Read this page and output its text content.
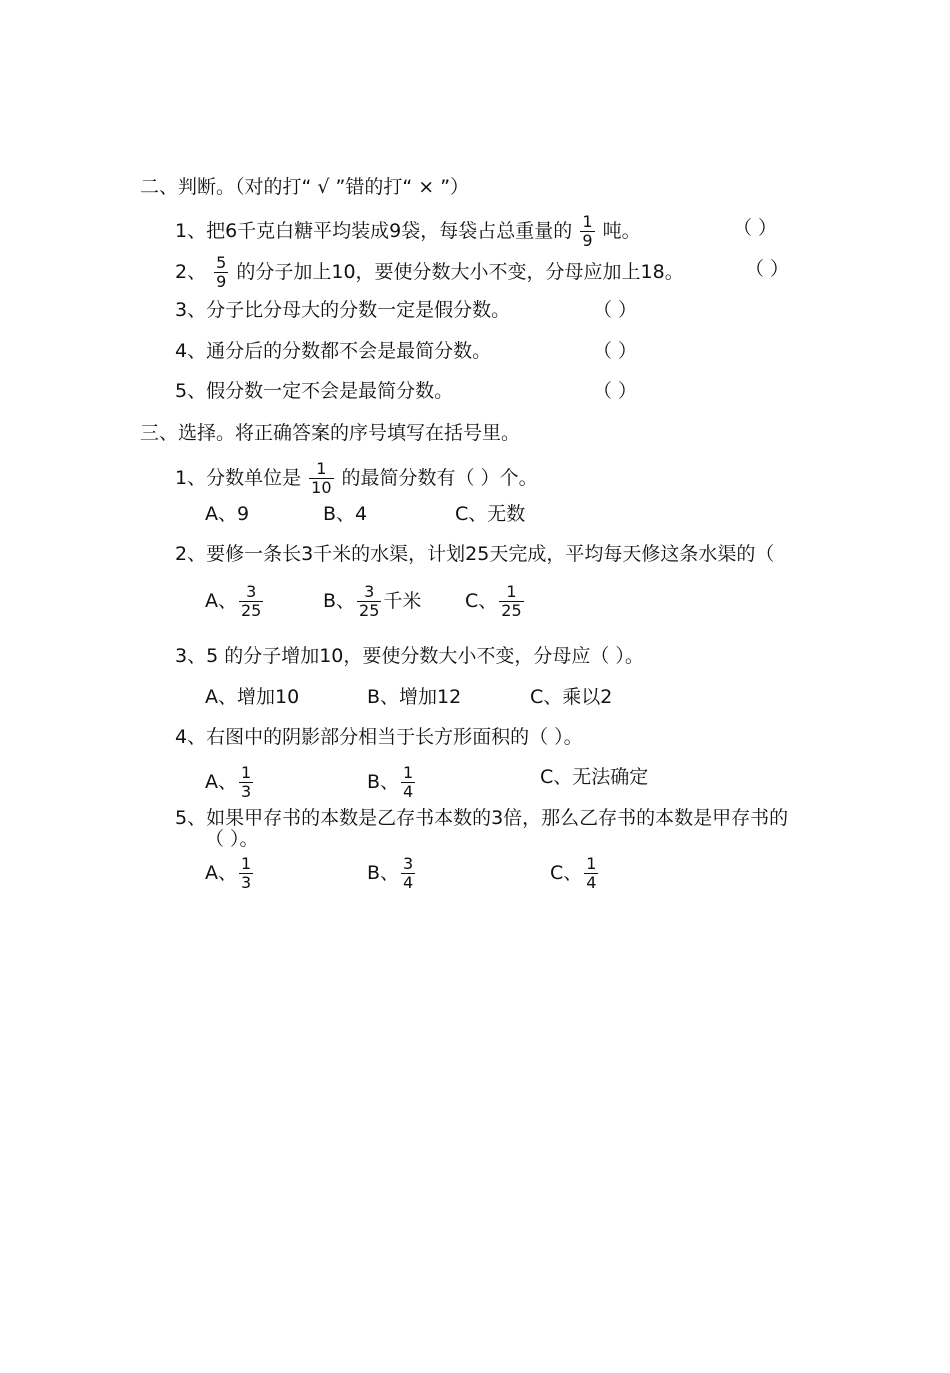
二、判断。（对的打“ √ ”错的打“ × ”）
1、把6千克白糖平均装成9袋，每袋占总重量的 $\frac{1}{9}$ 吨。	（ ）
2、 $\frac{5}{9}$ 的分子加上10，要使分数大小不变，分母应加上18。	（ ）
3、分子比分母大的分数一定是假分数。	（ ）
4、通分后的分数都不会是最简分数。	（ ）
5、假分数一定不会是最简分数。	（ ）
三、选择。将正确答案的序号填写在括号里。
1、分数单位是 $\frac{1}{10}$ 的最简分数有（ ）个。
A、9	B、4	C、无数
2、要修一条长3千米的水渠，计划25天完成，平均每天修这条水渠的（
A、 $\frac{3}{25}$	B、 $\frac{3}{25}$ 千米 C、 $\frac{1}{25}$
3、5 的分子增加10，要使分数大小不变，分母应（ ）。
A、增加10	B、增加12	C、乘以2
4、右图中的阴影部分相当于长方形面积的（ ）。
A、 $\frac{1}{3}$	B、 $\frac{1}{4}$	C、无法确定
5、如果甲存书的本数是乙存书本数的3倍，那么乙存书的本数是甲存书的
（ ）。
A、 $\frac{1}{3}$	B、 $\frac{3}{4}$	C、 $\frac{1}{4}$
